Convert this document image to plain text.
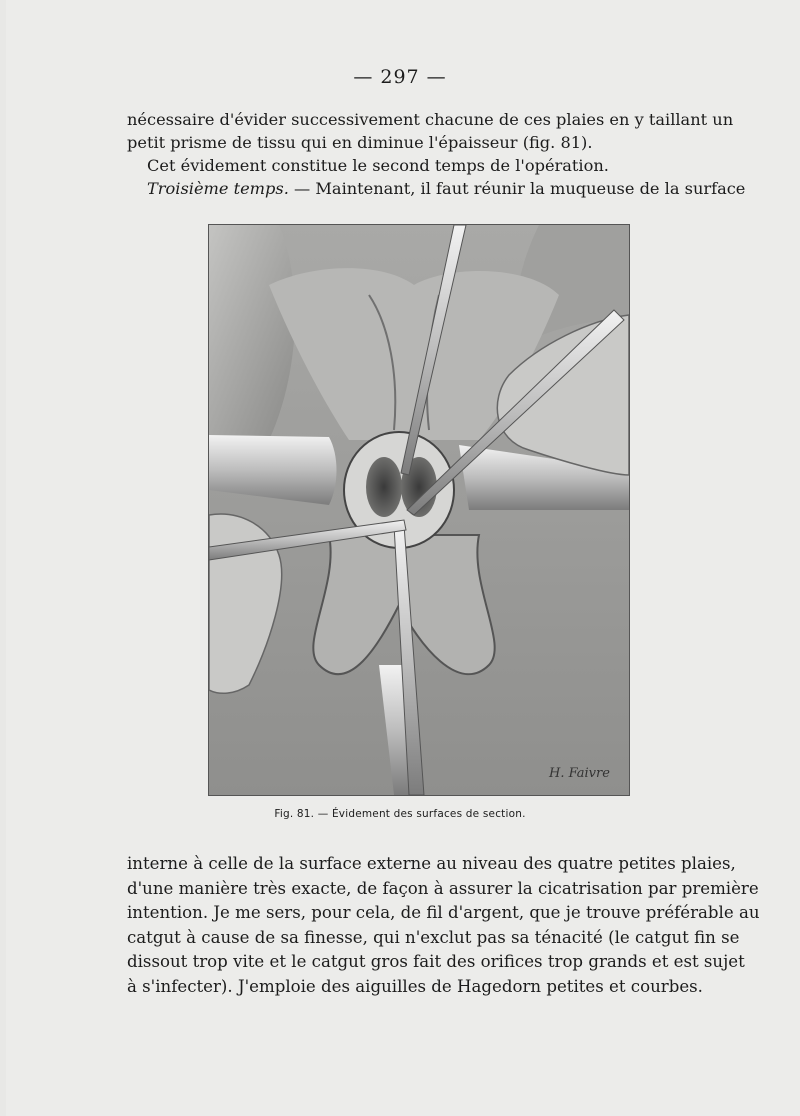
— 297 —
nécessaire d'évider successivement chacune de ces plaies en y taillant un
petit prisme de tissu qui en diminue l'épaisseur (fig. 81).
Cet évidement constitue le second temps de l'opération.
Troisième temps. — Maintenant, il faut réunir la muqueuse de la surface
H. Faivre
Fig. 81. — Évidement des surfaces de section.
interne à celle de la surface externe au niveau des quatre petites plaies,
d'une manière très exacte, de façon à assurer la cicatrisation par première
intention. Je me sers, pour cela, de fil d'argent, que je trouve préférable au
catgut à cause de sa finesse, qui n'exclut pas sa ténacité (le catgut fin se
dissout trop vite et le catgut gros fait des orifices trop grands et est sujet
à s'infecter). J'emploie des aiguilles de Hagedorn petites et courbes.
